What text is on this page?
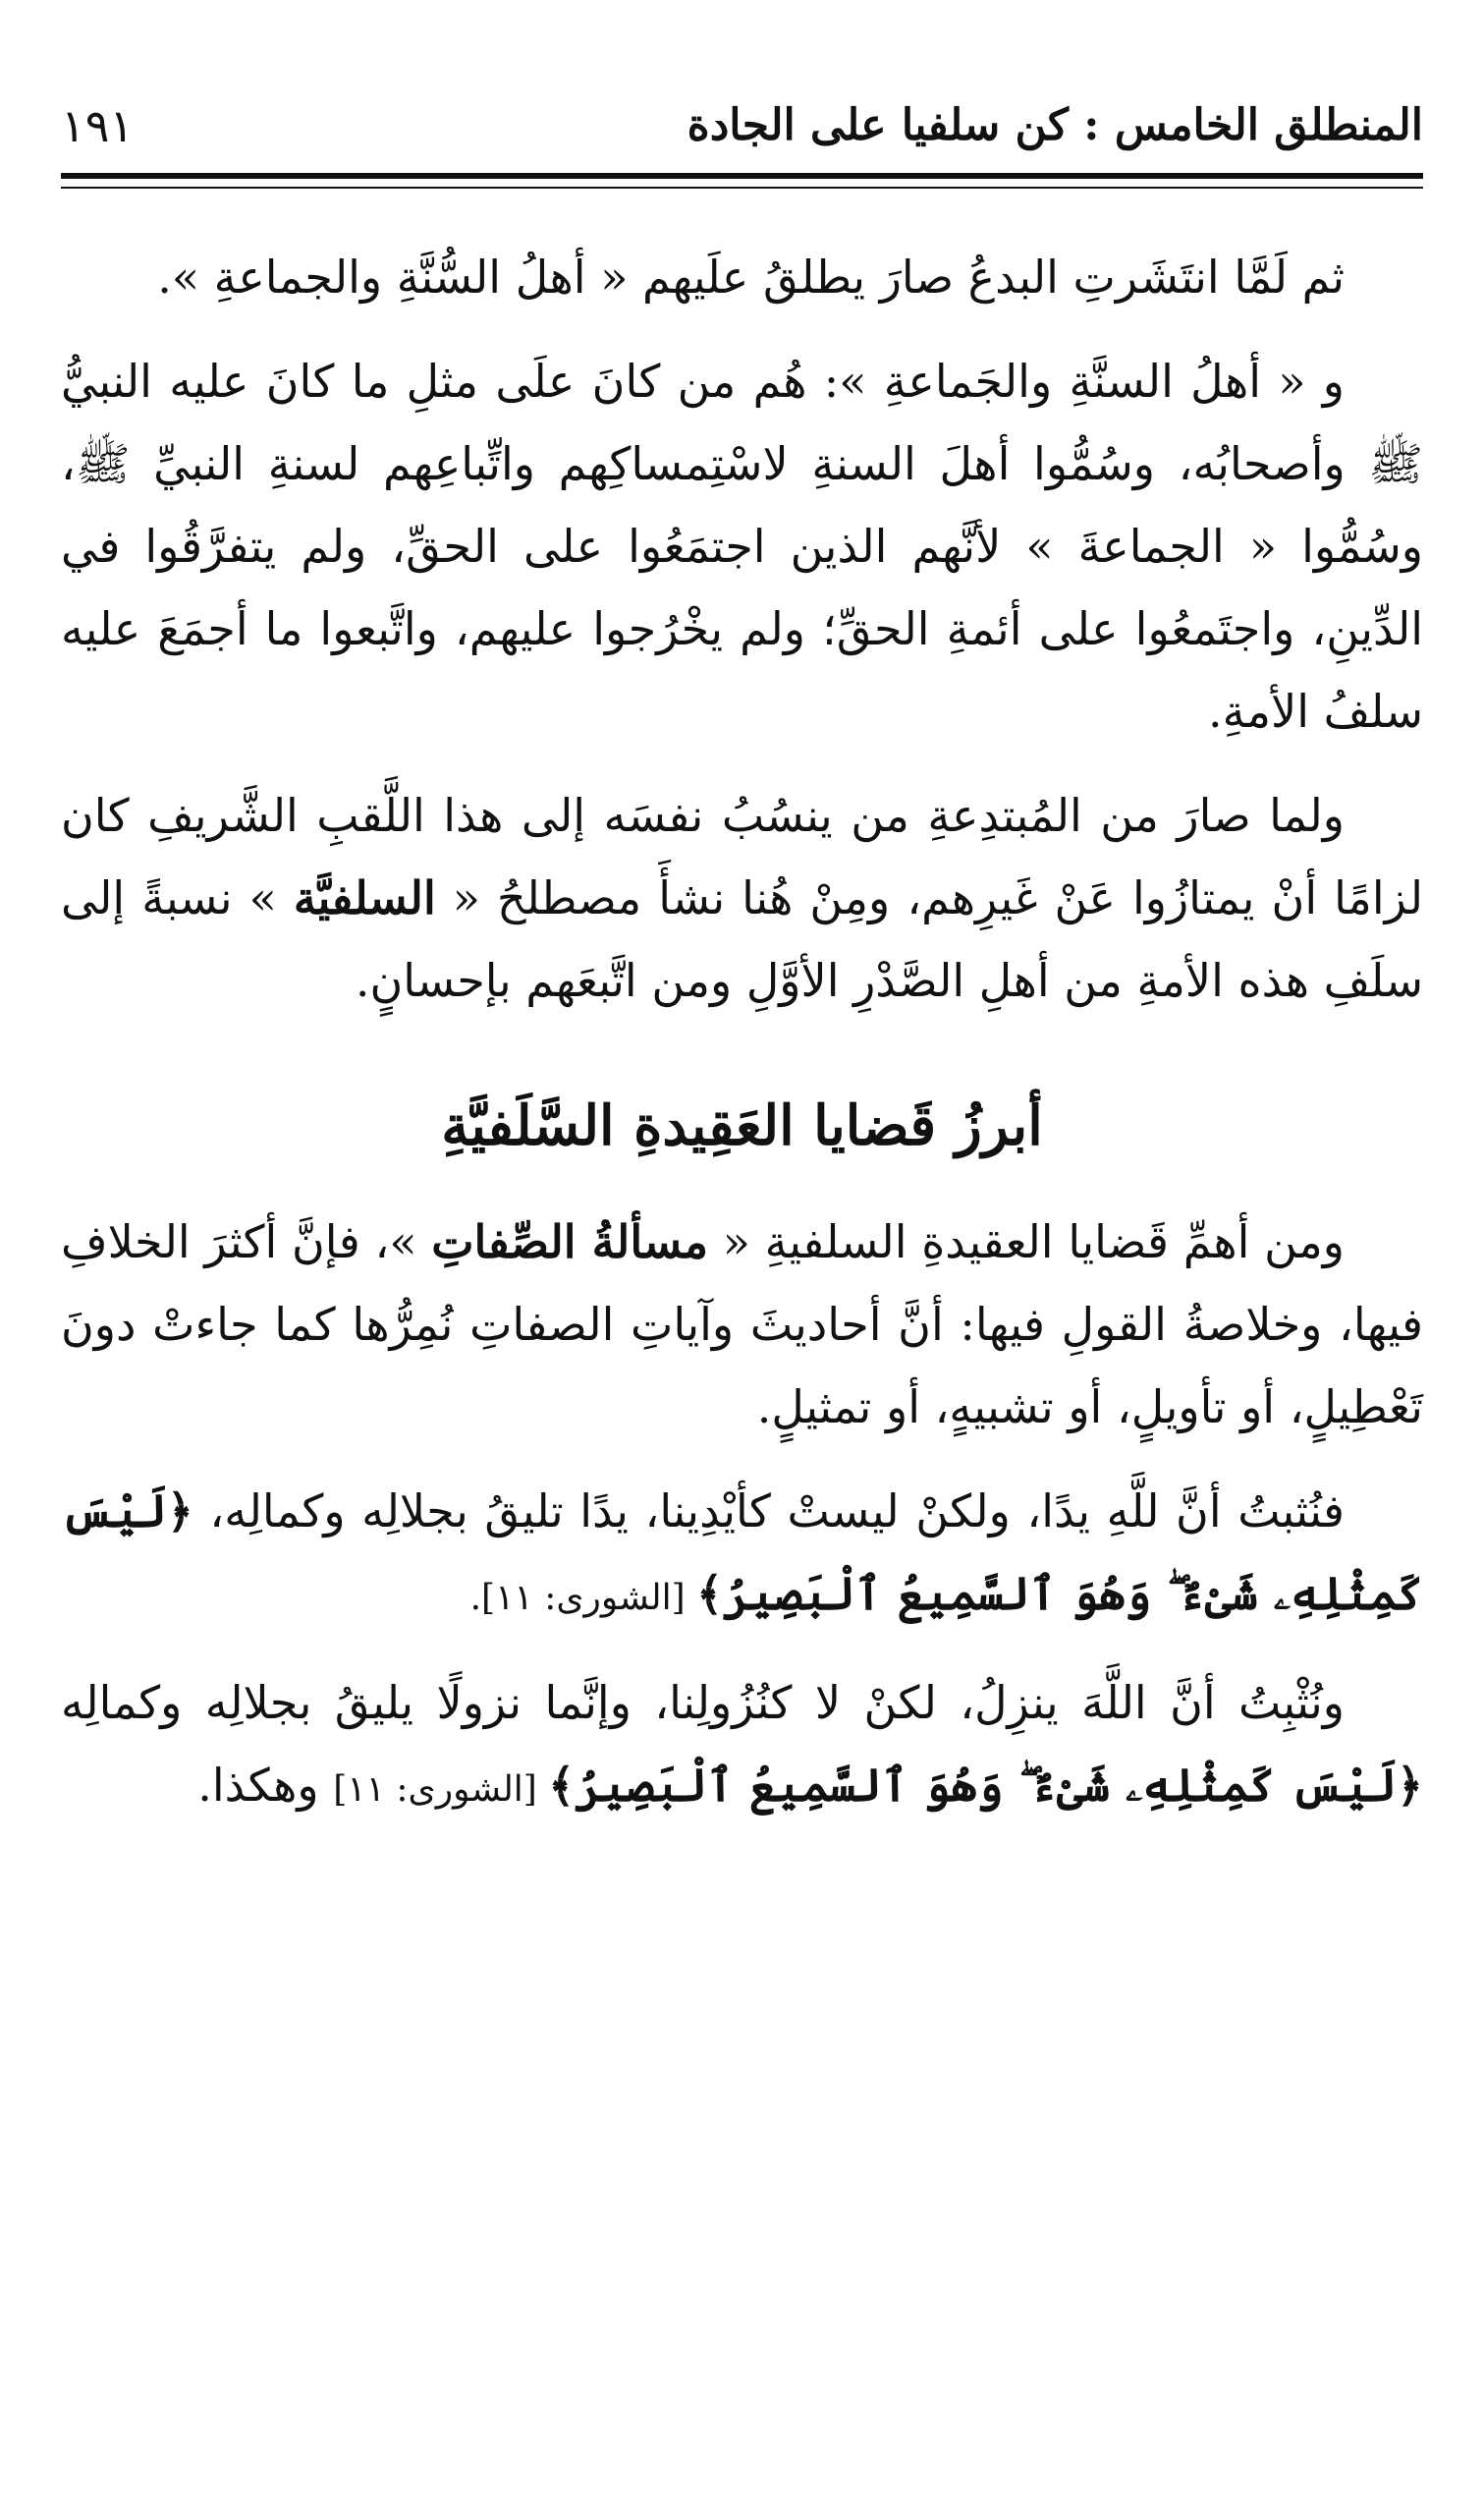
المنطلق الخامس : كن سلفيا على الجادة
١٩١

ثم لَمَّا انتَشَرتِ البدعُ صارَ يطلقُ علَيهم « أهلُ السُّنَّةِ والجماعةِ ».

و « أهلُ السنَّةِ والجَماعةِ »: هُم من كانَ علَى مثلِ ما كانَ عليه النبيُّ ﷺ وأصحابُه، وسُمُّوا أهلَ السنةِ لاسْتِمساكِهم واتِّباعِهم لسنةِ النبيِّ ﷺ، وسُمُّوا « الجماعةَ » لأنَّهم الذين اجتمَعُوا على الحقِّ، ولم يتفرَّقُوا في الدِّينِ، واجتَمعُوا على أئمةِ الحقِّ؛ ولم يخْرُجوا عليهم، واتَّبعوا ما أجمَعَ عليه سلفُ الأمةِ.

ولما صارَ من المُبتدِعةِ من ينسُبُ نفسَه إلى هذا اللَّقبِ الشَّريفِ كان لزامًا أنْ يمتازُوا عَنْ غَيرِهم، ومِنْ هُنا نشأَ مصطلحُ « السلفيَّة » نسبةً إلى سلَفِ هذه الأمةِ من أهلِ الصَّدْرِ الأوَّلِ ومن اتَّبعَهم بإحسانٍ.

أبرزُ قَضايا العَقِيدةِ السَّلَفيَّةِ

ومن أهمِّ قَضايا العقيدةِ السلفيةِ « مسألةُ الصِّفاتِ »، فإنَّ أكثرَ الخلافِ فيها، وخلاصةُ القولِ فيها: أنَّ أحاديثَ وآياتِ الصفاتِ نُمِرُّها كما جاءتْ دونَ تَعْطِيلٍ، أو تأويلٍ، أو تشبيهٍ، أو تمثيلٍ.

فنُثبتُ أنَّ للَّهِ يدًا، ولكنْ ليستْ كأيْدِينا، يدًا تليقُ بجلالِه وكمالِه، ﴿لَيْسَ كَمِثْلِهِۦ شَىْءٌ ۖ وَهُوَ ٱلسَّمِيعُ ٱلْبَصِيرُ﴾ [الشورى: ١١].

ونُثْبِتُ أنَّ اللَّهَ ينزِلُ، لكنْ لا كنُزُولِنا، وإنَّما نزولًا يليقُ بجلالِه وكمالِه ﴿لَيْسَ كَمِثْلِهِۦ شَىْءٌ ۖ وَهُوَ ٱلسَّمِيعُ ٱلْبَصِيرُ﴾ [الشورى: ١١] وهكذا.
